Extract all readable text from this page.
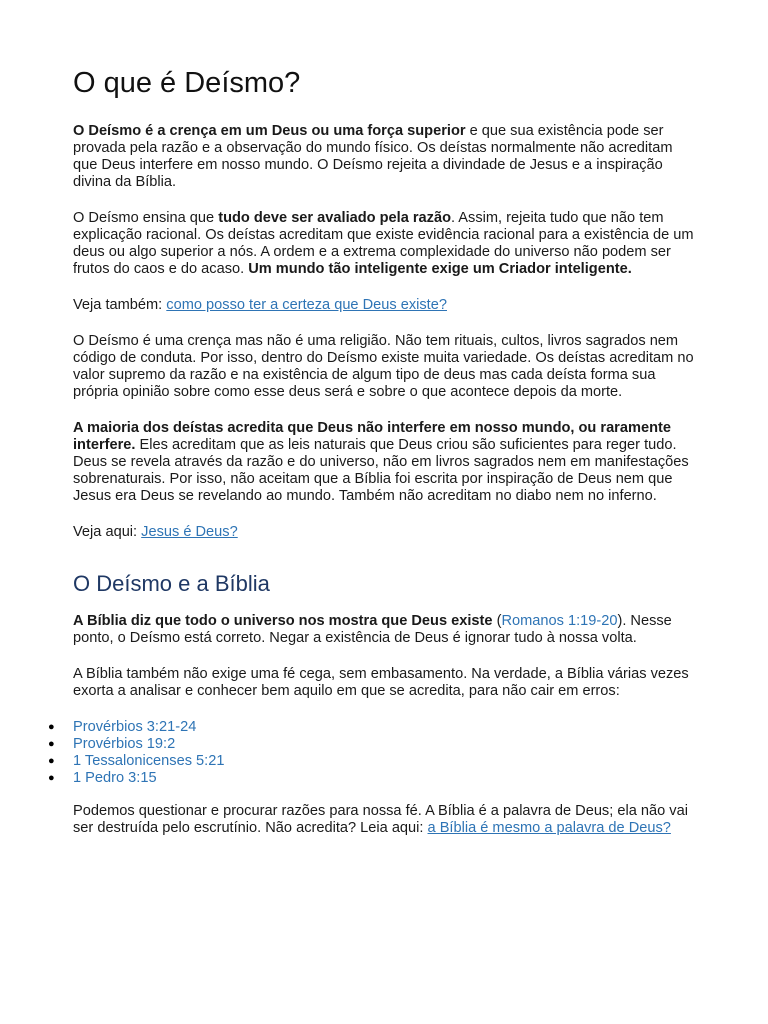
O que é Deísmo?

O Deísmo é a crença em um Deus ou uma força superior e que sua existência pode ser provada pela razão e a observação do mundo físico. Os deístas normalmente não acreditam que Deus interfere em nosso mundo. O Deísmo rejeita a divindade de Jesus e a inspiração divina da Bíblia.

O Deísmo ensina que tudo deve ser avaliado pela razão. Assim, rejeita tudo que não tem explicação racional. Os deístas acreditam que existe evidência racional para a existência de um deus ou algo superior a nós. A ordem e a extrema complexidade do universo não podem ser frutos do caos e do acaso. Um mundo tão inteligente exige um Criador inteligente.

Veja também: como posso ter a certeza que Deus existe?

O Deísmo é uma crença mas não é uma religião. Não tem rituais, cultos, livros sagrados nem código de conduta. Por isso, dentro do Deísmo existe muita variedade. Os deístas acreditam no valor supremo da razão e na existência de algum tipo de deus mas cada deísta forma sua própria opinião sobre como esse deus será e sobre o que acontece depois da morte.

A maioria dos deístas acredita que Deus não interfere em nosso mundo, ou raramente interfere. Eles acreditam que as leis naturais que Deus criou são suficientes para reger tudo. Deus se revela através da razão e do universo, não em livros sagrados nem em manifestações sobrenaturais. Por isso, não aceitam que a Bíblia foi escrita por inspiração de Deus nem que Jesus era Deus se revelando ao mundo. Também não acreditam no diabo nem no inferno.

Veja aqui: Jesus é Deus?

O Deísmo e a Bíblia

A Bíblia diz que todo o universo nos mostra que Deus existe (Romanos 1:19-20). Nesse ponto, o Deísmo está correto. Negar a existência de Deus é ignorar tudo à nossa volta.

A Bíblia também não exige uma fé cega, sem embasamento. Na verdade, a Bíblia várias vezes exorta a analisar e conhecer bem aquilo em que se acredita, para não cair em erros:

● Provérbios 3:21-24
● Provérbios 19:2
● 1 Tessalonicenses 5:21
● 1 Pedro 3:15

Podemos questionar e procurar razões para nossa fé. A Bíblia é a palavra de Deus; ela não vai ser destruída pelo escrutínio. Não acredita? Leia aqui: a Bíblia é mesmo a palavra de Deus?
